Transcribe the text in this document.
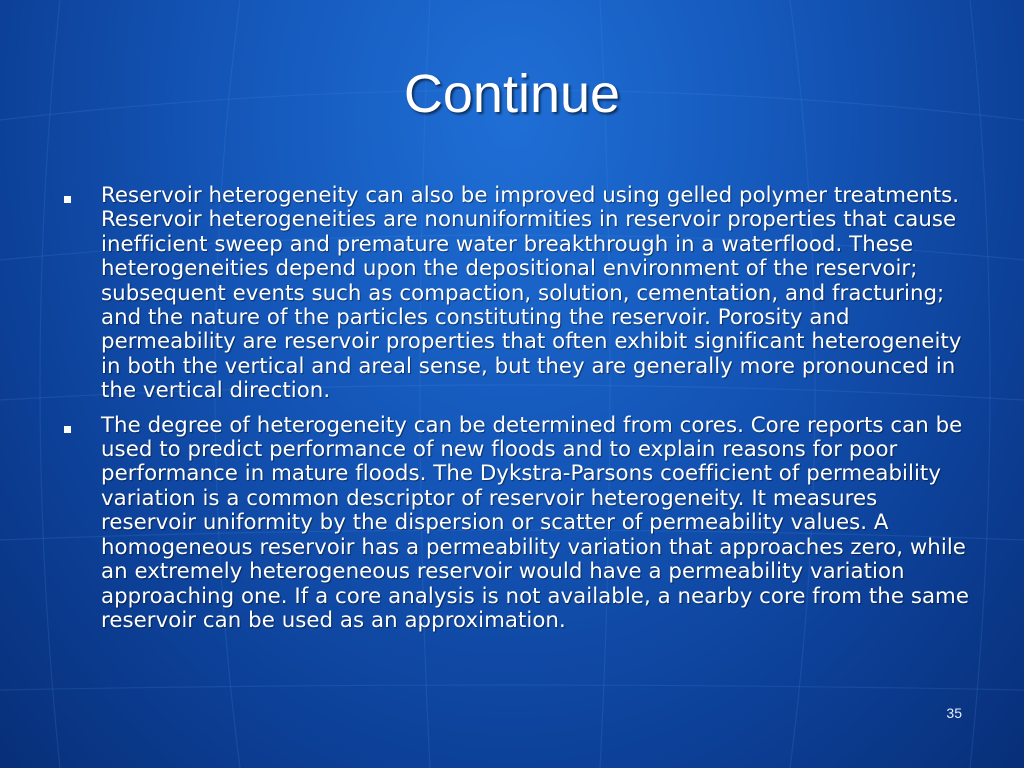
Continue
Reservoir heterogeneity can also be improved using gelled polymer treatments. Reservoir heterogeneities are nonuniformities in reservoir properties that cause inefficient sweep and premature water breakthrough in a waterflood. These heterogeneities depend upon the depositional environment of the reservoir; subsequent events such as compaction, solution, cementation, and fracturing; and the nature of the particles constituting the reservoir. Porosity and permeability are reservoir properties that often exhibit significant heterogeneity in both the vertical and areal sense, but they are generally more pronounced in the vertical direction.
The degree of heterogeneity can be determined from cores. Core reports can be used to predict performance of new floods and to explain reasons for poor performance in mature floods. The Dykstra-Parsons coefficient of permeability variation is a common descriptor of reservoir heterogeneity. It measures reservoir uniformity by the dispersion or scatter of permeability values. A homogeneous reservoir has a permeability variation that approaches zero, while an extremely heterogeneous reservoir would have a permeability variation approaching one. If a core analysis is not available, a nearby core from the same reservoir can be used as an approximation.
35
